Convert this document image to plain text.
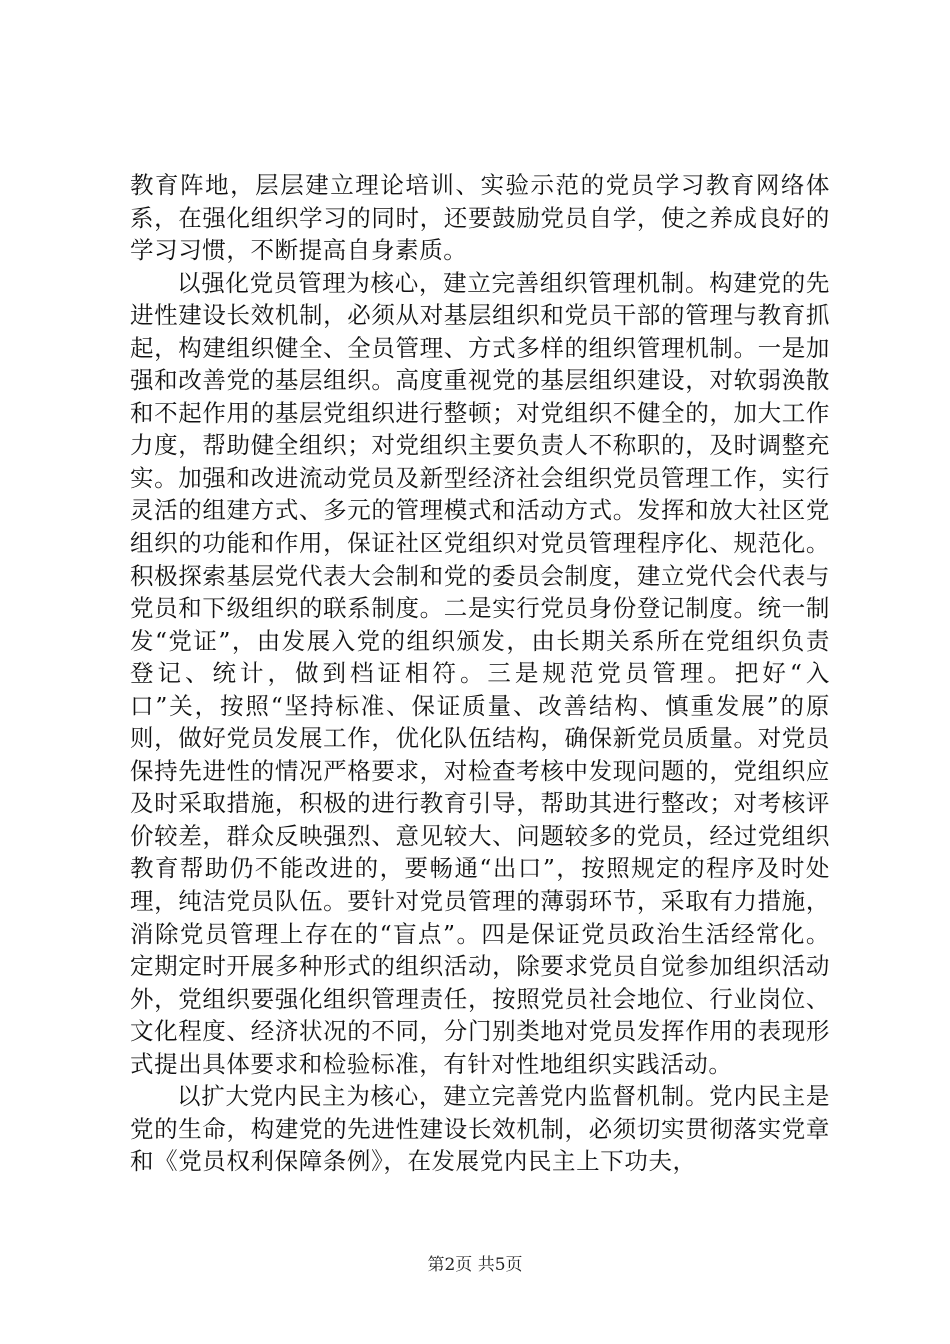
教育阵地，层层建立理论培训、实验示范的党员学习教育网络体系，在强化组织学习的同时，还要鼓励党员自学，使之养成良好的学习习惯，不断提高自身素质。

以强化党员管理为核心，建立完善组织管理机制。构建党的先进性建设长效机制，必须从对基层组织和党员干部的管理与教育抓起，构建组织健全、全员管理、方式多样的组织管理机制。一是加强和改善党的基层组织。高度重视党的基层组织建设，对软弱涣散和不起作用的基层党组织进行整顿；对党组织不健全的，加大工作力度，帮助健全组织；对党组织主要负责人不称职的，及时调整充实。加强和改进流动党员及新型经济社会组织党员管理工作，实行灵活的组建方式、多元的管理模式和活动方式。发挥和放大社区党组织的功能和作用，保证社区党组织对党员管理程序化、规范化。积极探索基层党代表大会制和党的委员会制度，建立党代会代表与党员和下级组织的联系制度。二是实行党员身份登记制度。统一制发“党证”，由发展入党的组织颁发，由长期关系所在党组织负责登记、统计，做到档证相符。三是规范党员管理。把好“入口”关，按照“坚持标准、保证质量、改善结构、慎重发展”的原则，做好党员发展工作，优化队伍结构，确保新党员质量。对党员保持先进性的情况严格要求，对检查考核中发现问题的，党组织应及时采取措施，积极的进行教育引导，帮助其进行整改；对考核评价较差，群众反映强烈、意见较大、问题较多的党员，经过党组织教育帮助仍不能改进的，要畅通“出口”，按照规定的程序及时处理，纯洁党员队伍。要针对党员管理的薄弱环节，采取有力措施，消除党员管理上存在的“盲点”。四是保证党员政治生活经常化。定期定时开展多种形式的组织活动，除要求党员自觉参加组织活动外，党组织要强化组织管理责任，按照党员社会地位、行业岗位、文化程度、经济状况的不同，分门别类地对党员发挥作用的表现形式提出具体要求和检验标准，有针对性地组织实践活动。

以扩大党内民主为核心，建立完善党内监督机制。党内民主是党的生命，构建党的先进性建设长效机制，必须切实贯彻落实党章和《党员权利保障条例》，在发展党内民主上下功夫，

第2页 共5页
